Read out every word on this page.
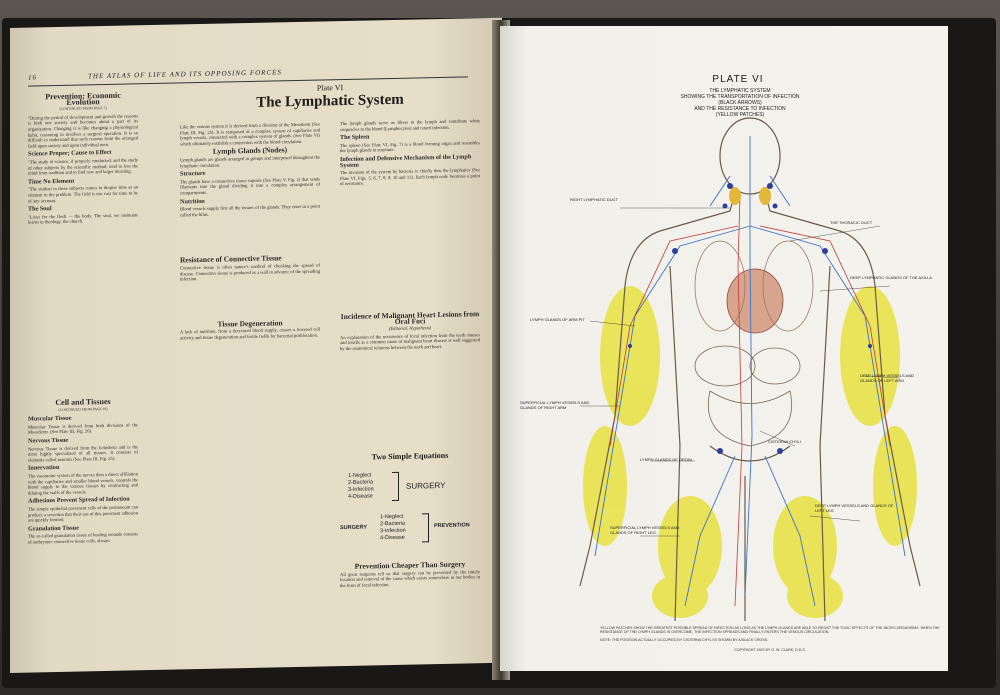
16	THE ATLAS OF LIFE AND ITS OPPOSING FORCES
Plate VI
The Lymphatic System
Prevention; Economic Evolution

(CONTINUED FROM PAGE 7)

"During the period of development and growth the reasons is both one society and becomes about a part of its organization. Changing it is like changing a physiological habit, reasoning in involves a surgical operation. It is so difficult to understand that such reasons from the arranged field upon society and upon individual men.

Science Proper; Cause to Effect

"The study of science, if properly conducted, and the study of other subjects by the scientific method, tend to free the mind from tradition and to find new and larger meaning.

Time No Element

"The student in these subjects comes to despise time as an element in the problem. The field is too vast for time to be of any account.

The Soul

"Lives for the flesh — the body. The soul, we insinuate learns in theology, the church.

Cell and Tissues

(CONTINUED FROM PAGE 10)

Muscular Tissue

Muscular Tissue is derived from both divisions of the Mesoderm. (See Plate III, Fig. 26).

Nervous Tissue

Nervous Tissue is derived from the Ectoderm and is the most highly specialized of all tissues. It consists of elements called neurons (See Plate III, Fig. 25).

Innervation

The vasomotor system of the nerves then a direct affiliation with the capillaries and smaller blood vessels, controls the blood supply to the various tissues by contracting and dilating the walls of the vessels.

Adhesions Prevent Spread of Infection

The simple epithelial pavement cells of the peritoneum can produce a secretion that their use of this pavement adhesion are quickly formed.

Granulation Tissue

The so-called granulation tissue of healing wounds consists of embryonic connective tissue cells, always

Like the venous system it is derived from a division of the Mesoderm (See Plate III, Fig. 25). It is composed of a complex system of capillaries and lymph vessels, connected with a complex system of glands. (See Plate VI) which ultimately establish a connection with the blood circulation.

Lymph Glands (Nodes)

Lymph glands are glands arranged in groups and interposed throughout the lymphatic circulation.

Structure

The glands have a connective tissue capsule (See Plate V, Fig. 2) that sends filaments into the gland dividing it into a complex arrangement of compartments.

Nutrition

Blood vessels supply first all the tissues of the glands. They enter at a point called the hilus.

Resistance of Connective Tissue

Connective tissue is often nature's method of checking the spread of disease. Connective tissue is produced as a wall in advance of the spreading infection.

Tissue Degeneration

A lack of nutrition, from a decreased blood supply, causes a lowered cell activity and tissue degeneration and fertile fields for bacterial proliferation.

The lymph glands serve as filters to the lymph and contribute white corpuscles to the blood (Lymphocytes) and retard infection.

The Spleen

The spleen (See Plate VI, Fig. 7) is a blood forming organ and resembles the lymph glands in structure.

Infection and Defensive Mechanism of the Lymph System

The invasion of the system by bacteria is chiefly thru the lymphatics (See Plate VI, Figs. 5, 6, 7, 8, 9, 10 and 11). Each lymph node becomes a point of resistance.

Incidence of Malignant Heart Lesions from Oral Foci

(Editorial, Hypothesis)

An explanation of the occurrence of focal infection from the teeth sinuses and tonsils as a common cause of malignant heart disease is well suggested by the anatomical relations between the teeth and heart.

Two Simple Equations
1-Neglect
2-Bacteria
3-Infection
4-Disease
SURGERY
SURGERY
1-Neglect
2-Bacteria
3-Infection
4-Disease
PREVENTION
Prevention Cheaper Than Surgery

All great surgeons tell us that surgery can be prevented by the timely location and removal of the cause which exists somewhere in our bodies in the form of focal infection.

PLATE VI
THE LYMPHATIC SYSTEM
SHOWING THE TRANSPORTATION OF INFECTION
(BLACK ARROWS)
AND THE RESISTANCE TO INFECTION
(YELLOW PATCHES)
RIGHT LYMPHATIC DUCT
THE THORACIC DUCT
DEEP LYMPHATIC GLANDS OF THE AXILLA
LYMPH GLANDS OF ARM PIT
DEEP LYMPH VESSELS AND GLANDS OF LEFT ARM
SUPERFICIAL LYMPH VESSELS AND GLANDS OF RIGHT ARM
CISTERNA CHYLI
LYMPH GLANDS OF GROIN
DEEP LYMPH VESSELS AND GLANDS OF LEFT LEG
SUPERFICIAL LYMPH VESSELS AND GLANDS OF RIGHT LEG
YELLOW PATCHES SHOW THE GREATEST POSSIBLE SPREAD OF INFECTION AS LONG AS THE LYMPH GLANDS ARE ABLE TO RESIST THE TOXIC EFFECTS OF THE MICRO-ORGANISMS. WHEN THE RESISTANCE OF THE LYMPH GLANDS IS OVERCOME, THE INFECTION SPREADS AND FINALLY ENTERS THE VENOUS CIRCULATION.
NOTE: THE POSITION ACTUALLY OCCUPIED BY CISTERNA CHYLI IS SHOWN BY A BLACK CROSS.
COPYRIGHT 1929 BY O. W. CLARK, D.D.S.
